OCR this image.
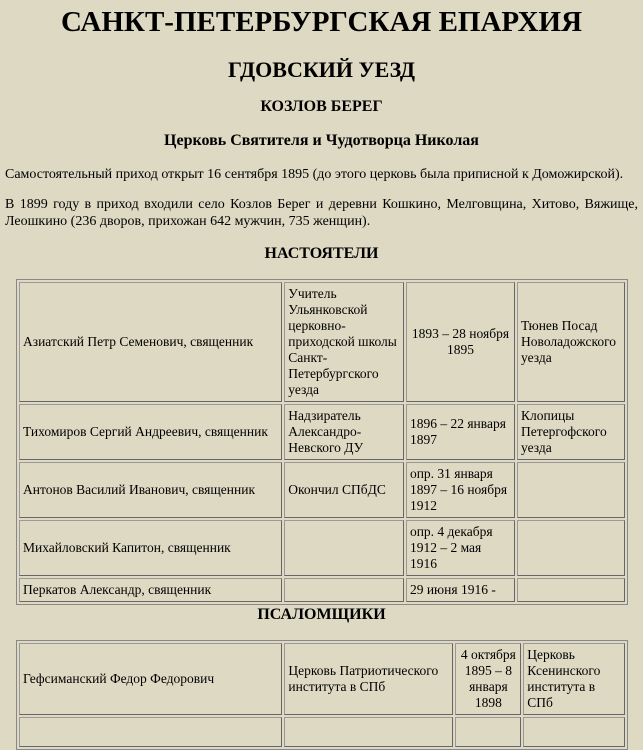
САНКТ-ПЕТЕРБУРГСКАЯ ЕПАРХИЯ
ГДОВСКИЙ УЕЗД
КОЗЛОВ БЕРЕГ
Церковь Святителя и Чудотворца Николая
Самостоятельный приход открыт 16 сентября 1895 (до этого церковь была приписной к Доможирской).
В 1899 году в приход входили село Козлов Берег и деревни Кошкино, Мелговщина, Хитово, Вяжище, Леошкино (236 дворов, прихожан 642 мужчин, 735 женщин).
НАСТОЯТЕЛИ
Азиатский Петр Семенович, священник	Учитель Ульянковской церковно-приходской школы Санкт-Петербургского уезда	1893 – 28 ноября 1895	Тюнев Посад Новоладожского уезда
Тихомиров Сергий Андреевич, священник	Надзиратель Александро-Невского ДУ	1896 – 22 января 1897	Клопицы Петергофского уезда
Антонов Василий Иванович, священник	Окончил СПбДС	опр. 31 января 1897 – 16 ноября 1912	
Михайловский Капитон, священник		опр. 4 декабря 1912 – 2 мая 1916	
Перкатов Александр, священник		29 июня 1916 -	
ПСАЛОМЩИКИ
Гефсиманский Федор Федорович	Церковь Патриотического института в СПб	4 октября 1895 – 8 января 1898	Церковь Ксенинского института в СПб
